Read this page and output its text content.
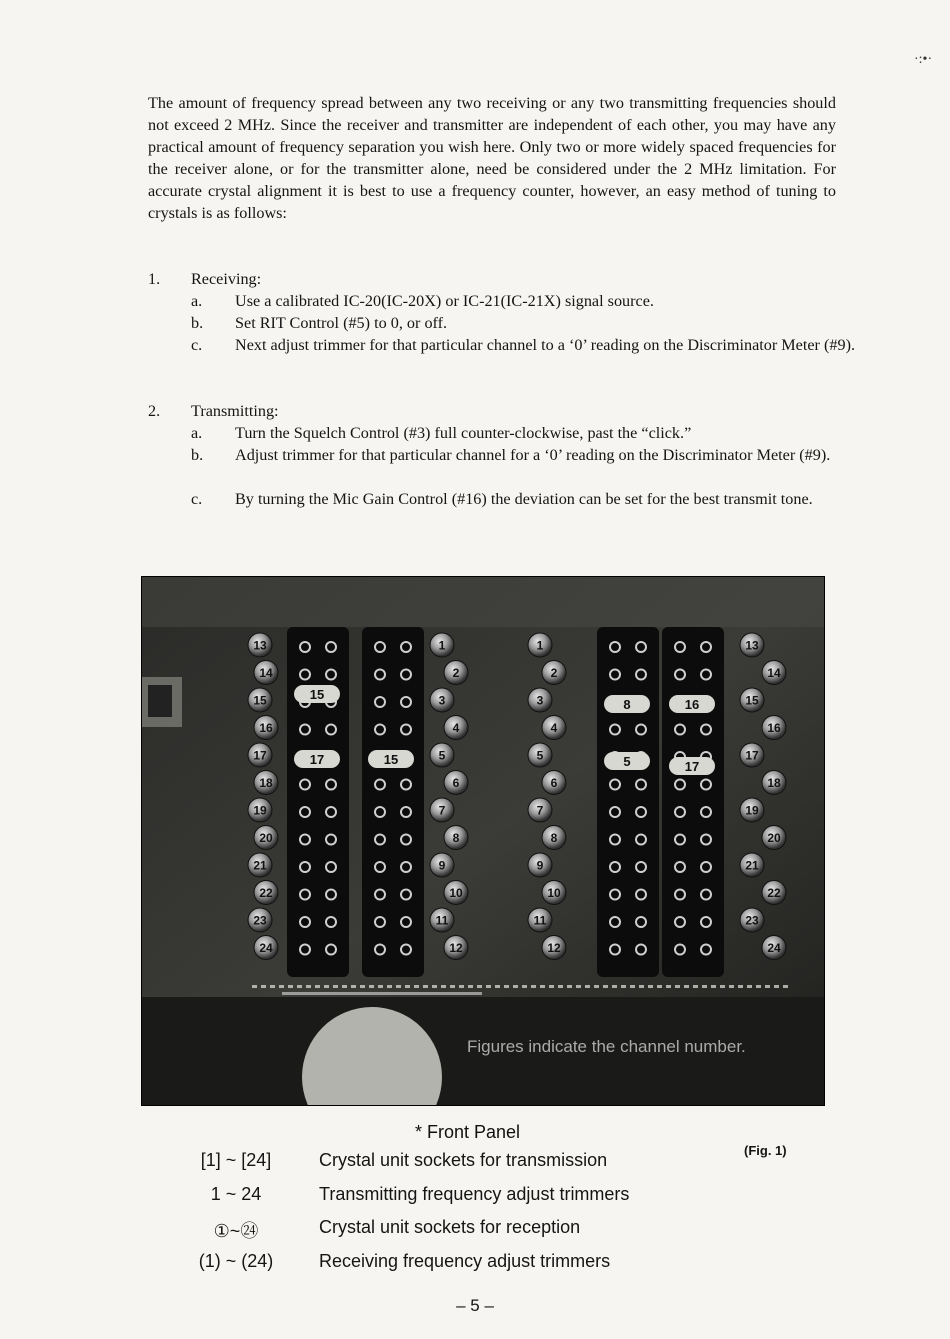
·:•·

The amount of frequency spread between any two receiving or any two transmitting frequencies should not exceed 2 MHz. Since the receiver and transmitter are independent of each other, you may have any practical amount of frequency separation you wish here. Only two or more widely spaced frequencies for the receiver alone, or for the transmitter alone, need be considered under the 2 MHz limitation. For accurate crystal alignment it is best to use a frequency counter, however, an easy method of tuning to crystals is as follows:

1. Receiving:
a. Use a calibrated IC-20(IC-20X) or IC-21(IC-21X) signal source.
b. Set RIT Control (#5) to 0, or off.
c. Next adjust trimmer for that particular channel to a ‘0’ reading on the Discriminator Meter (#9).
2. Transmitting:
a. Turn the Squelch Control (#3) full counter-clockwise, past the “click.”
b. Adjust trimmer for that particular channel for a ‘0’ reading on the Discriminator Meter (#9).
c. By turning the Mic Gain Control (#16) the deviation can be set for the best transmit tone.
13
14
15
16
17
18
19
20
21
22
23
24
1
2
3
4
5
6
7
8
9
10
11
12
1
2
3
4
5
6
7
8
9
10
11
12
13
14
15
16
17
18
19
20
21
22
23
24
15
17	15
8	16
5	17
Figures indicate the channel number.
* Front Panel
(Fig. 1)
[1] ~ [24]	Crystal unit sockets for transmission
1 ~ 24	Transmitting frequency adjust trimmers
①~㉔	Crystal unit sockets for reception
(1) ~ (24)	Receiving frequency adjust trimmers
– 5 –
